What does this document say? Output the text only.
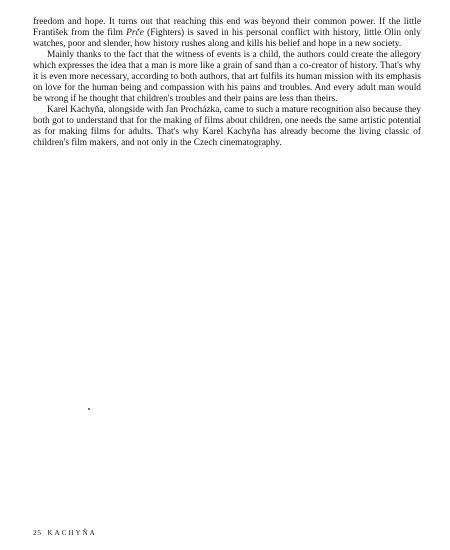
freedom and hope. It turns out that reaching this end was beyond their common power. If the little František from the film Prče (Fighters) is saved in his personal conflict with history, little Olin only watches, poor and slender, how history rushes along and kills his belief and hope in a new society.

Mainly thanks to the fact that the witness of events is a child, the authors could create the allegory which expresses the idea that a man is more like a grain of sand than a co-creator of history. That's why it is even more necessary, according to both authors, that art fulfils its human mission with its emphasis on love for the human being and compassion with his pains and troubles. And every adult man would be wrong if he thought that children's troubles and their pains are less than theirs.

Karel Kachyňa, alongside with Jan Procházka, came to such a mature recognition also because they both got to understand that for the making of films about children, one needs the same artistic potential as for making films for adults. That's why Karel Kachyňa has already become the living classic of children's film makers, and not only in the Czech cinematography.

25 KACHYŇA
